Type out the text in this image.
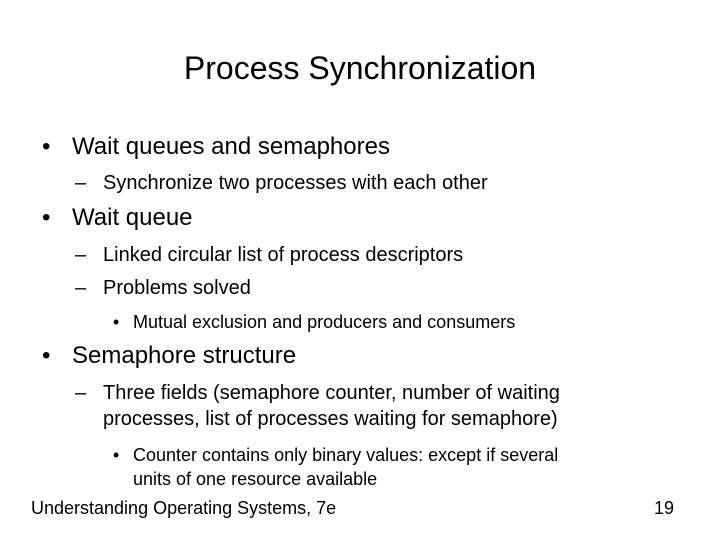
Process Synchronization
• Wait queues and semaphores
– Synchronize two processes with each other
• Wait queue
– Linked circular list of process descriptors
– Problems solved
• Mutual exclusion and producers and consumers
• Semaphore structure
– Three fields (semaphore counter, number of waiting
processes, list of processes waiting for semaphore)
• Counter contains only binary values: except if several
units of one resource available
Understanding Operating Systems, 7e	19
